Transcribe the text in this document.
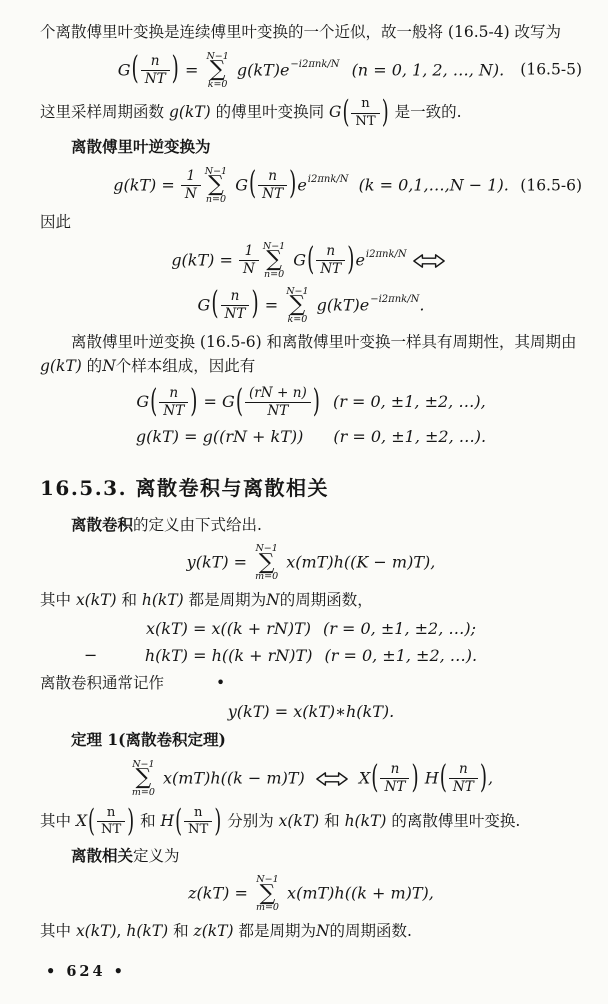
个离散傅里叶变换是连续傅里叶变换的一个近似，故一般将 (16.5-4) 改写为
G ( $\frac{n}{NT}$ ) =
N−1
∑
k=0
$g(kT)e^{-i2\pi nk/N}$ (n = 0, 1, 2, …, N). (16.5-5)
这里采样周期函数 g(kT) 的傅里叶变换同 G ( $\frac{n}{NT}$ ) 是一致的.
离散傅里叶逆变换为
$g(kT) = \frac{1}{N} N-1$
∑
n=0
G ( $\frac{n}{NT}$ ) $e^{i2\pi nk/N}$ (k = 0,1,…,N − 1). (16.5-6)
因此
$g(kT) = \frac{1}{N} N-1$
∑
n=0
G ( $\frac{n}{NT}$ ) $e^{i2\pi nk/N}$
G ( $\frac{n}{NT}$ ) =
N−1
∑
k=0
$g(kT)e^{-i2\pi nk/N}$.
离散傅里叶逆变换 (16.5-6) 和离散傅里叶变换一样具有周期性，其周期由 g(kT) 的N个样本组成，因此有
G ( $\frac{n}{NT}$ ) = G ( $\frac{(rN + n)}{NT}$ ) (r = 0, ±1, ±2, …),
g(kT) = g((rN + kT)) (r = 0, ±1, ±2, …).
16.5.3. 离散卷积与离散相关
离散卷积的定义由下式给出.
y(kT) =
N−1
∑
m=0
x(mT)h((K − m)T),
其中 x(kT) 和 h(kT) 都是周期为N的周期函数，
x(kT) = x((k + rN)T) (r = 0, ±1, ±2, …);
−	h(kT) = h((k + rN)T) (r = 0, ±1, ±2, …).
离散卷积通常记作	•
y(kT) = x(kT)∗h(kT).
定理 1(离散卷积定理)
N−1
∑
m=0
x(mT)h((k − m)T)	X ( $\frac{n}{NT}$ ) H ( $\frac{n}{NT}$ ) ,
其中 X ( $\frac{n}{NT}$ ) 和 H ( $\frac{n}{NT}$ ) 分别为 x(kT) 和 h(kT) 的离散傅里叶变换.
离散相关定义为
z(kT) =
N−1
∑
m=0
x(mT)h((k + m)T),
其中 x(kT), h(kT) 和 z(kT) 都是周期为N的周期函数.
• 624 •
